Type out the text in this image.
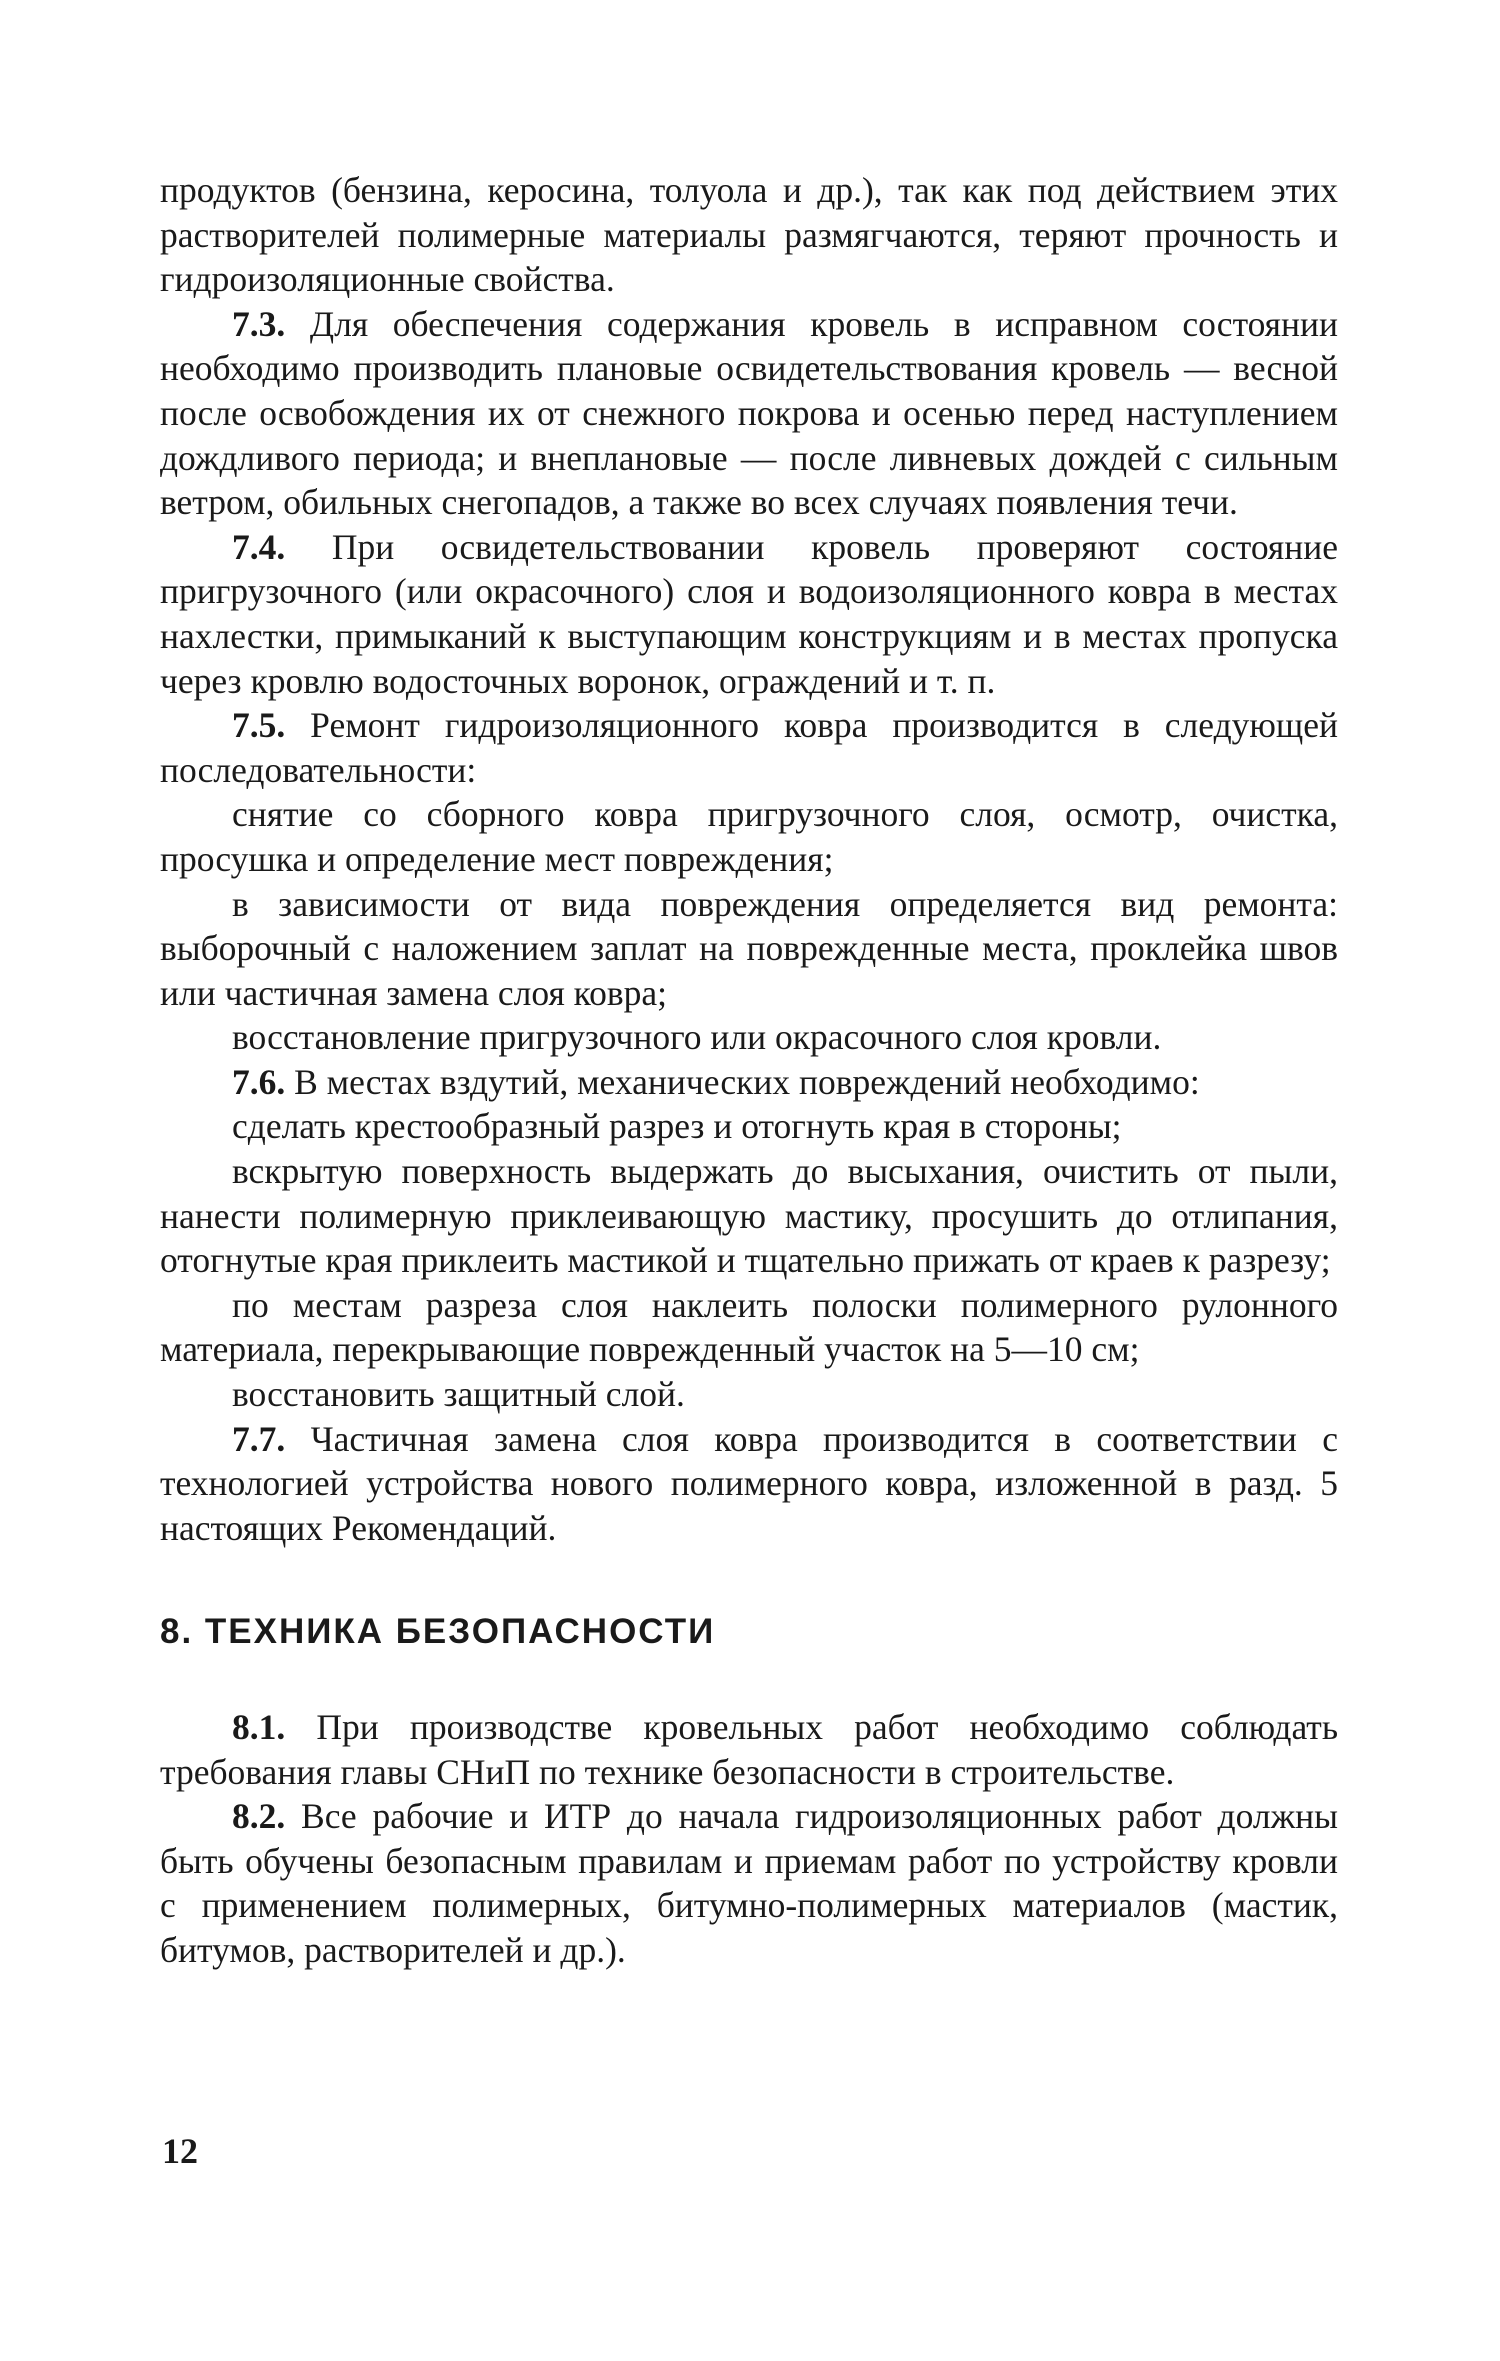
продуктов (бензина, керосина, толуола и др.), так как под действием этих растворителей полимерные материалы размягчаются, теряют прочность и гидроизоляционные свойства.

7.3. Для обеспечения содержания кровель в исправном состоянии необходимо производить плановые освидетельствования кровель — весной после освобождения их от снежного покрова и осенью перед наступлением дождливого периода; и внеплановые — после ливневых дождей с сильным ветром, обильных снегопадов, а также во всех случаях появления течи.

7.4. При освидетельствовании кровель проверяют состояние пригрузочного (или окрасочного) слоя и водоизоляционного ковра в местах нахлестки, примыканий к выступающим конструкциям и в местах пропуска через кровлю водосточных воронок, ограждений и т. п.

7.5. Ремонт гидроизоляционного ковра производится в следующей последовательности:

снятие со сборного ковра пригрузочного слоя, осмотр, очистка, просушка и определение мест повреждения;

в зависимости от вида повреждения определяется вид ремонта: выборочный с наложением заплат на поврежденные места, проклейка швов или частичная замена слоя ковра;

восстановление пригрузочного или окрасочного слоя кровли.

7.6. В местах вздутий, механических повреждений необходимо:

сделать крестообразный разрез и отогнуть края в стороны;

вскрытую поверхность выдержать до высыхания, очистить от пыли, нанести полимерную приклеивающую мастику, просушить до отлипания, отогнутые края приклеить мастикой и тщательно прижать от краев к разрезу;

по местам разреза слоя наклеить полоски полимерного рулонного материала, перекрывающие поврежденный участок на 5—10 см;

восстановить защитный слой.

7.7. Частичная замена слоя ковра производится в соответствии с технологией устройства нового полимерного ковра, изложенной в разд. 5 настоящих Рекомендаций.

8. ТЕХНИКА БЕЗОПАСНОСТИ

8.1. При производстве кровельных работ необходимо соблюдать требования главы СНиП по технике безопасности в строительстве.

8.2. Все рабочие и ИТР до начала гидроизоляционных работ должны быть обучены безопасным правилам и приемам работ по устройству кровли с применением полимерных, битумно-полимерных материалов (мастик, битумов, растворителей и др.).

12
